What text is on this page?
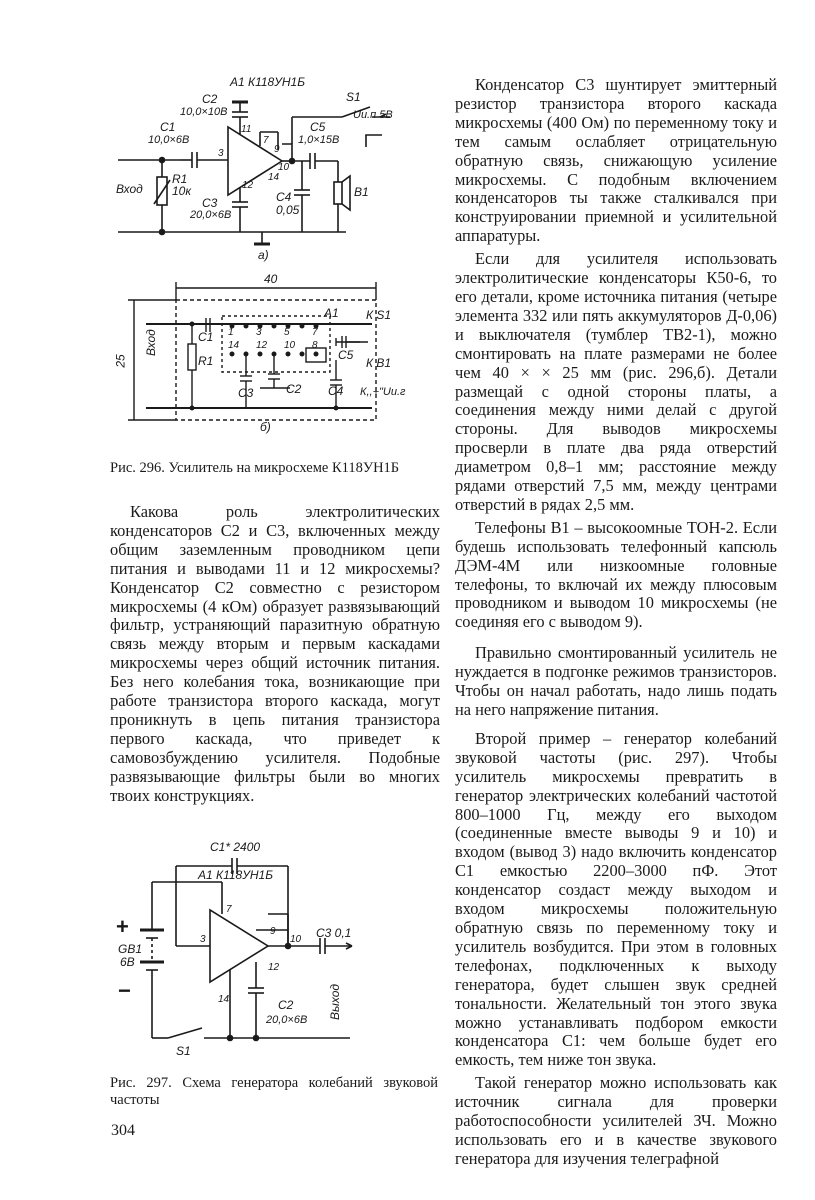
А1 К118УН1Б
С2
10,0×10В
С1
10,0×6В
S1
С5
1,0×15В
Uи.п 5В
Вход
R1
10к	С4
0,05
В1
С3
20,0×6В
а)
11
7
9
3
10
14
12
40
25
Вход	С1
А1 К S1
R1	С5
К В1
С3	С2 С4 К,,+"Uи.г
б)
1 3 5 7
14 12 10 8

Рис. 296. Усилитель на микросхеме К118УН1Б

Какова роль электролитических конденсаторов С2 и С3, включенных между общим заземленным проводником цепи питания и выводами 11 и 12 микросхемы? Конденсатор С2 совместно с резистором микросхемы (4 кОм) образует развязывающий фильтр, устраняющий паразитную обратную связь между вторым и первым каскадами микросхемы через общий источник питания. Без него колебания тока, возникающие при работе транзистора второго каскада, могут проникнуть в цепь питания транзистора первого каскада, что приведет к самовозбуждению усилителя. Подобные развязывающие фильтры были во многих твоих конструкциях.

С1* 2400
А1 К118УН1Б
+
−
GB1
6В
С3 0,1
С2
20,0×6В Выход
S1
7
9
3	10
12
14

Рис. 297. Схема генератора колебаний звуковой частоты

Конденсатор С3 шунтирует эмиттерный резистор транзистора второго каскада микросхемы (400 Ом) по переменному току и тем самым ослабляет отрицательную обратную связь, снижающую усиление микросхемы. С подобным включением конденсаторов ты также сталкивался при конструировании приемной и усилительной аппаратуры.

Если для усилителя использовать электролитические конденсаторы К50-6, то его детали, кроме источника питания (четыре элемента 332 или пять аккумуляторов Д-0,06) и выключателя (тумблер ТВ2-1), можно смонтировать на плате размерами не более чем 40 × × 25 мм (рис. 296,б). Детали размещай с одной стороны платы, а соединения между ними делай с другой стороны. Для выводов микросхемы просверли в плате два ряда отверстий диаметром 0,8–1 мм; расстояние между рядами отверстий 7,5 мм, между центрами отверстий в рядах 2,5 мм.

Телефоны В1 – высокоомные ТОН-2. Если будешь использовать телефонный капсюль ДЭМ-4М или низкоомные головные телефоны, то включай их между плюсовым проводником и выводом 10 микросхемы (не соединяя его с выводом 9).

Правильно смонтированный усилитель не нуждается в подгонке режимов транзисторов. Чтобы он начал работать, надо лишь подать на него напряжение питания.

Второй пример – генератор колебаний звуковой частоты (рис. 297). Чтобы усилитель микросхемы превратить в генератор электрических колебаний частотой 800–1000 Гц, между его выходом (соединенные вместе выводы 9 и 10) и входом (вывод 3) надо включить конденсатор С1 емкостью 2200–3000 пФ. Этот конденсатор создаст между выходом и входом микросхемы положительную обратную связь по переменному току и усилитель возбудится. При этом в головных телефонах, подключенных к выходу генератора, будет слышен звук средней тональности. Желательный тон этого звука можно устанавливать подбором емкости конденсатора С1: чем больше будет его емкость, тем ниже тон звука.

Такой генератор можно использовать как источник сигнала для проверки работоспособности усилителей ЗЧ. Можно использовать его и в качестве звукового генератора для изучения телеграфной

304
